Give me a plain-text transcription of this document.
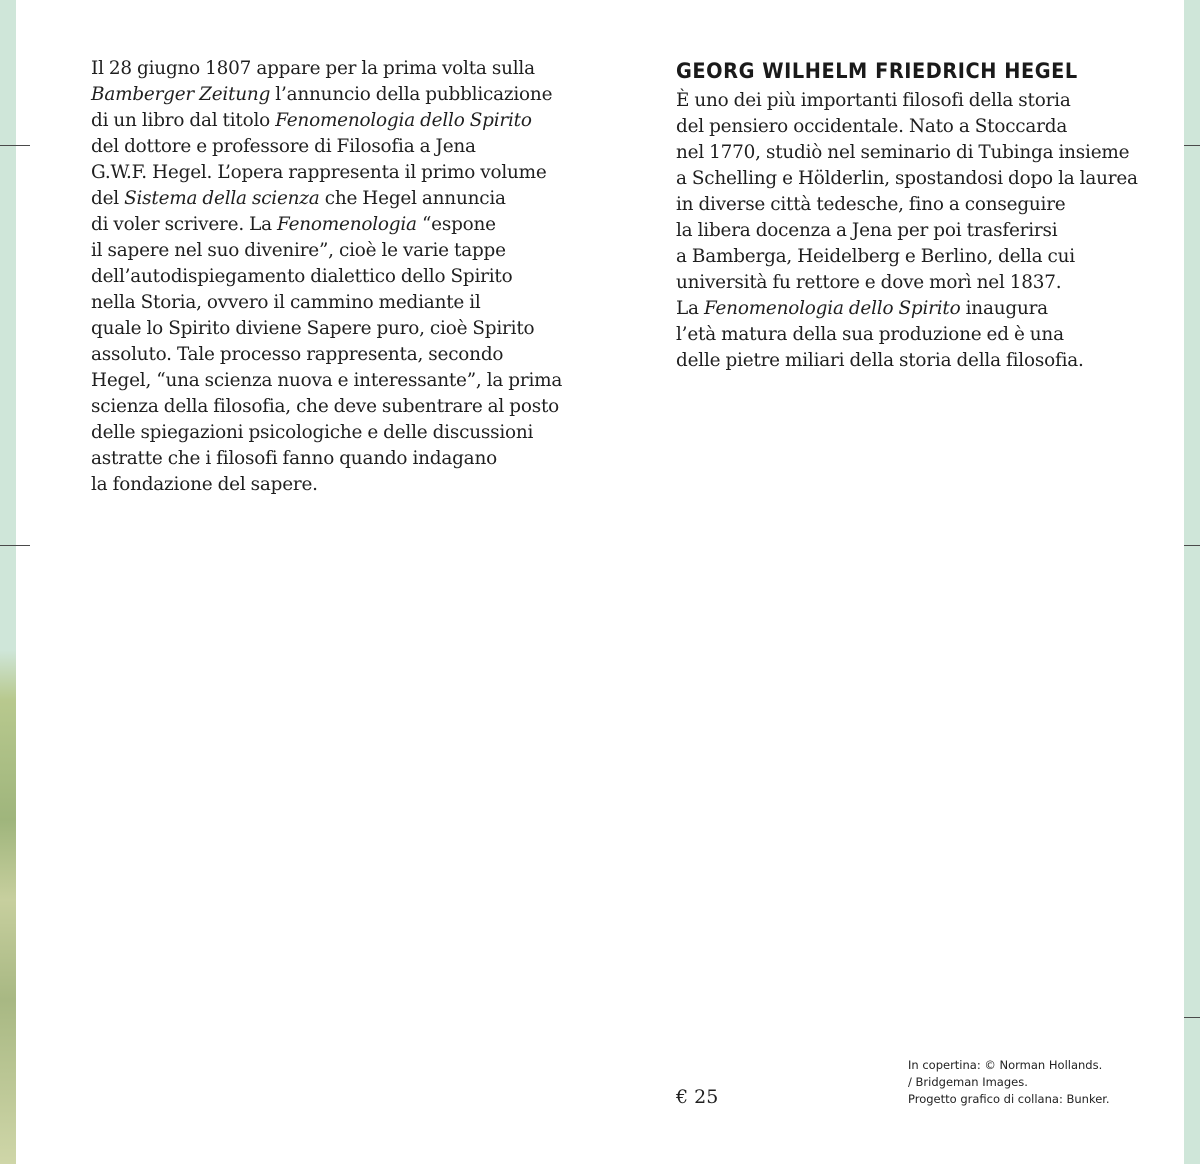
Il 28 giugno 1807 appare per la prima volta sulla
Bamberger Zeitung l’annuncio della pubblicazione
di un libro dal titolo Fenomenologia dello Spirito
del dottore e professore di Filosofia a Jena
G.W.F. Hegel. L’opera rappresenta il primo volume
del Sistema della scienza che Hegel annuncia
di voler scrivere. La Fenomenologia “espone
il sapere nel suo divenire”, cioè le varie tappe
dell’autodispiegamento dialettico dello Spirito
nella Storia, ovvero il cammino mediante il
quale lo Spirito diviene Sapere puro, cioè Spirito
assoluto. Tale processo rappresenta, secondo
Hegel, “una scienza nuova e interessante”, la prima
scienza della filosofia, che deve subentrare al posto
delle spiegazioni psicologiche e delle discussioni
astratte che i filosofi fanno quando indagano
la fondazione del sapere.
GEORG WILHELM FRIEDRICH HEGEL
È uno dei più importanti filosofi della storia
del pensiero occidentale. Nato a Stoccarda
nel 1770, studiò nel seminario di Tubinga insieme
a Schelling e Hölderlin, spostandosi dopo la laurea
in diverse città tedesche, fino a conseguire
la libera docenza a Jena per poi trasferirsi
a Bamberga, Heidelberg e Berlino, della cui
università fu rettore e dove morì nel 1837.
La Fenomenologia dello Spirito inaugura
l’età matura della sua produzione ed è una
delle pietre miliari della storia della filosofia.
€ 25
In copertina: © Norman Hollands.
/ Bridgeman Images.
Progetto grafico di collana: Bunker.
